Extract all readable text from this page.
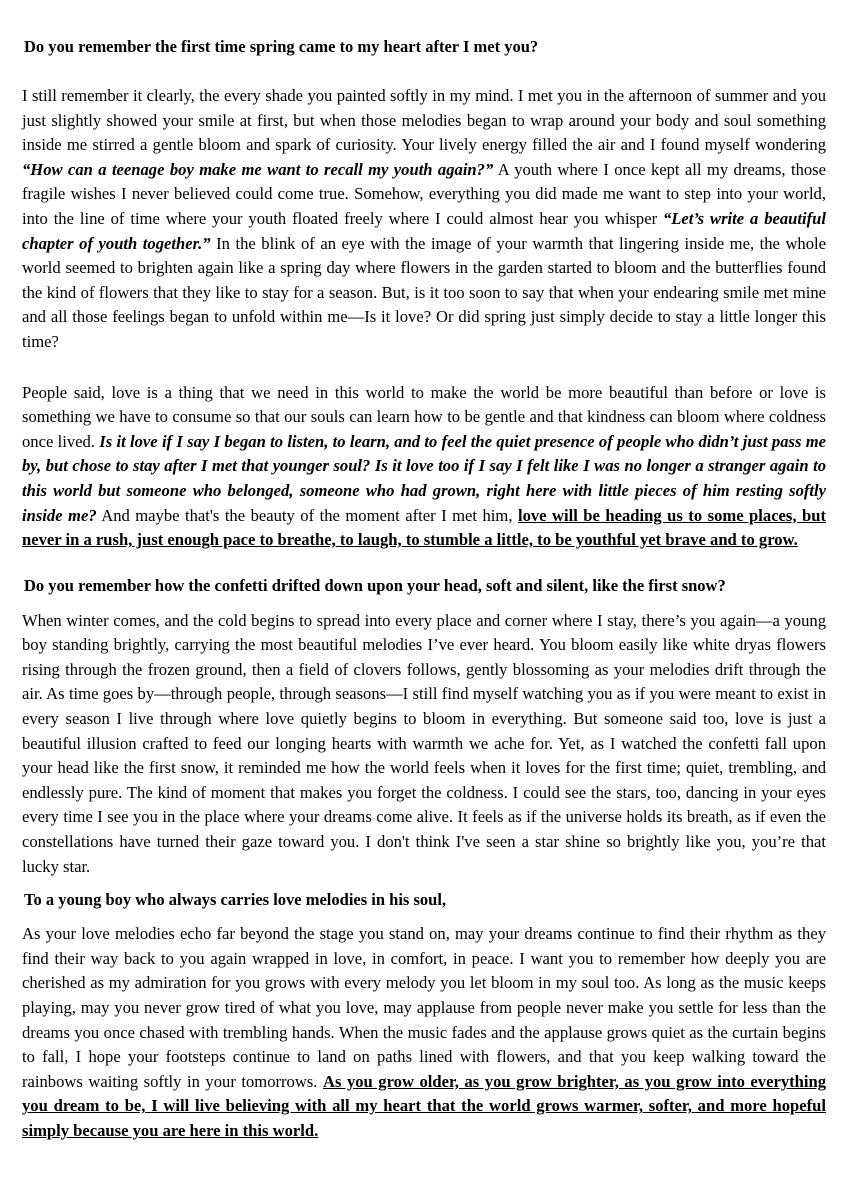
Do you remember the first time spring came to my heart after I met you?

I still remember it clearly, the every shade you painted softly in my mind. I met you in the afternoon of summer and you just slightly showed your smile at first, but when those melodies began to wrap around your body and soul something inside me stirred a gentle bloom and spark of curiosity. Your lively energy filled the air and I found myself wondering “How can a teenage boy make me want to recall my youth again?” A youth where I once kept all my dreams, those fragile wishes I never believed could come true. Somehow, everything you did made me want to step into your world, into the line of time where your youth floated freely where I could almost hear you whisper “Let’s write a beautiful chapter of youth together.” In the blink of an eye with the image of your warmth that lingering inside me, the whole world seemed to brighten again like a spring day where flowers in the garden started to bloom and the butterflies found the kind of flowers that they like to stay for a season. But, is it too soon to say that when your endearing smile met mine and all those feelings began to unfold within me—Is it love? Or did spring just simply decide to stay a little longer this time?

People said, love is a thing that we need in this world to make the world be more beautiful than before or love is something we have to consume so that our souls can learn how to be gentle and that kindness can bloom where coldness once lived. Is it love if I say I began to listen, to learn, and to feel the quiet presence of people who didn’t just pass me by, but chose to stay after I met that younger soul? Is it love too if I say I felt like I was no longer a stranger again to this world but someone who belonged, someone who had grown, right here with little pieces of him resting softly inside me? And maybe that's the beauty of the moment after I met him, love will be heading us to some places, but never in a rush, just enough pace to breathe, to laugh, to stumble a little, to be youthful yet brave and to grow.

Do you remember how the confetti drifted down upon your head, soft and silent, like the first snow?

When winter comes, and the cold begins to spread into every place and corner where I stay, there’s you again—a young boy standing brightly, carrying the most beautiful melodies I’ve ever heard. You bloom easily like white dryas flowers rising through the frozen ground, then a field of clovers follows, gently blossoming as your melodies drift through the air. As time goes by—through people, through seasons—I still find myself watching you as if you were meant to exist in every season I live through where love quietly begins to bloom in everything. But someone said too, love is just a beautiful illusion crafted to feed our longing hearts with warmth we ache for. Yet, as I watched the confetti fall upon your head like the first snow, it reminded me how the world feels when it loves for the first time; quiet, trembling, and endlessly pure. The kind of moment that makes you forget the coldness. I could see the stars, too, dancing in your eyes every time I see you in the place where your dreams come alive. It feels as if the universe holds its breath, as if even the constellations have turned their gaze toward you. I don't think I've seen a star shine so brightly like you, you’re that lucky star.

To a young boy who always carries love melodies in his soul,

As your love melodies echo far beyond the stage you stand on, may your dreams continue to find their rhythm as they find their way back to you again wrapped in love, in comfort, in peace. I want you to remember how deeply you are cherished as my admiration for you grows with every melody you let bloom in my soul too. As long as the music keeps playing, may you never grow tired of what you love, may applause from people never make you settle for less than the dreams you once chased with trembling hands. When the music fades and the applause grows quiet as the curtain begins to fall, I hope your footsteps continue to land on paths lined with flowers, and that you keep walking toward the rainbows waiting softly in your tomorrows. As you grow older, as you grow brighter, as you grow into everything you dream to be, I will live believing with all my heart that the world grows warmer, softer, and more hopeful simply because you are here in this world.
